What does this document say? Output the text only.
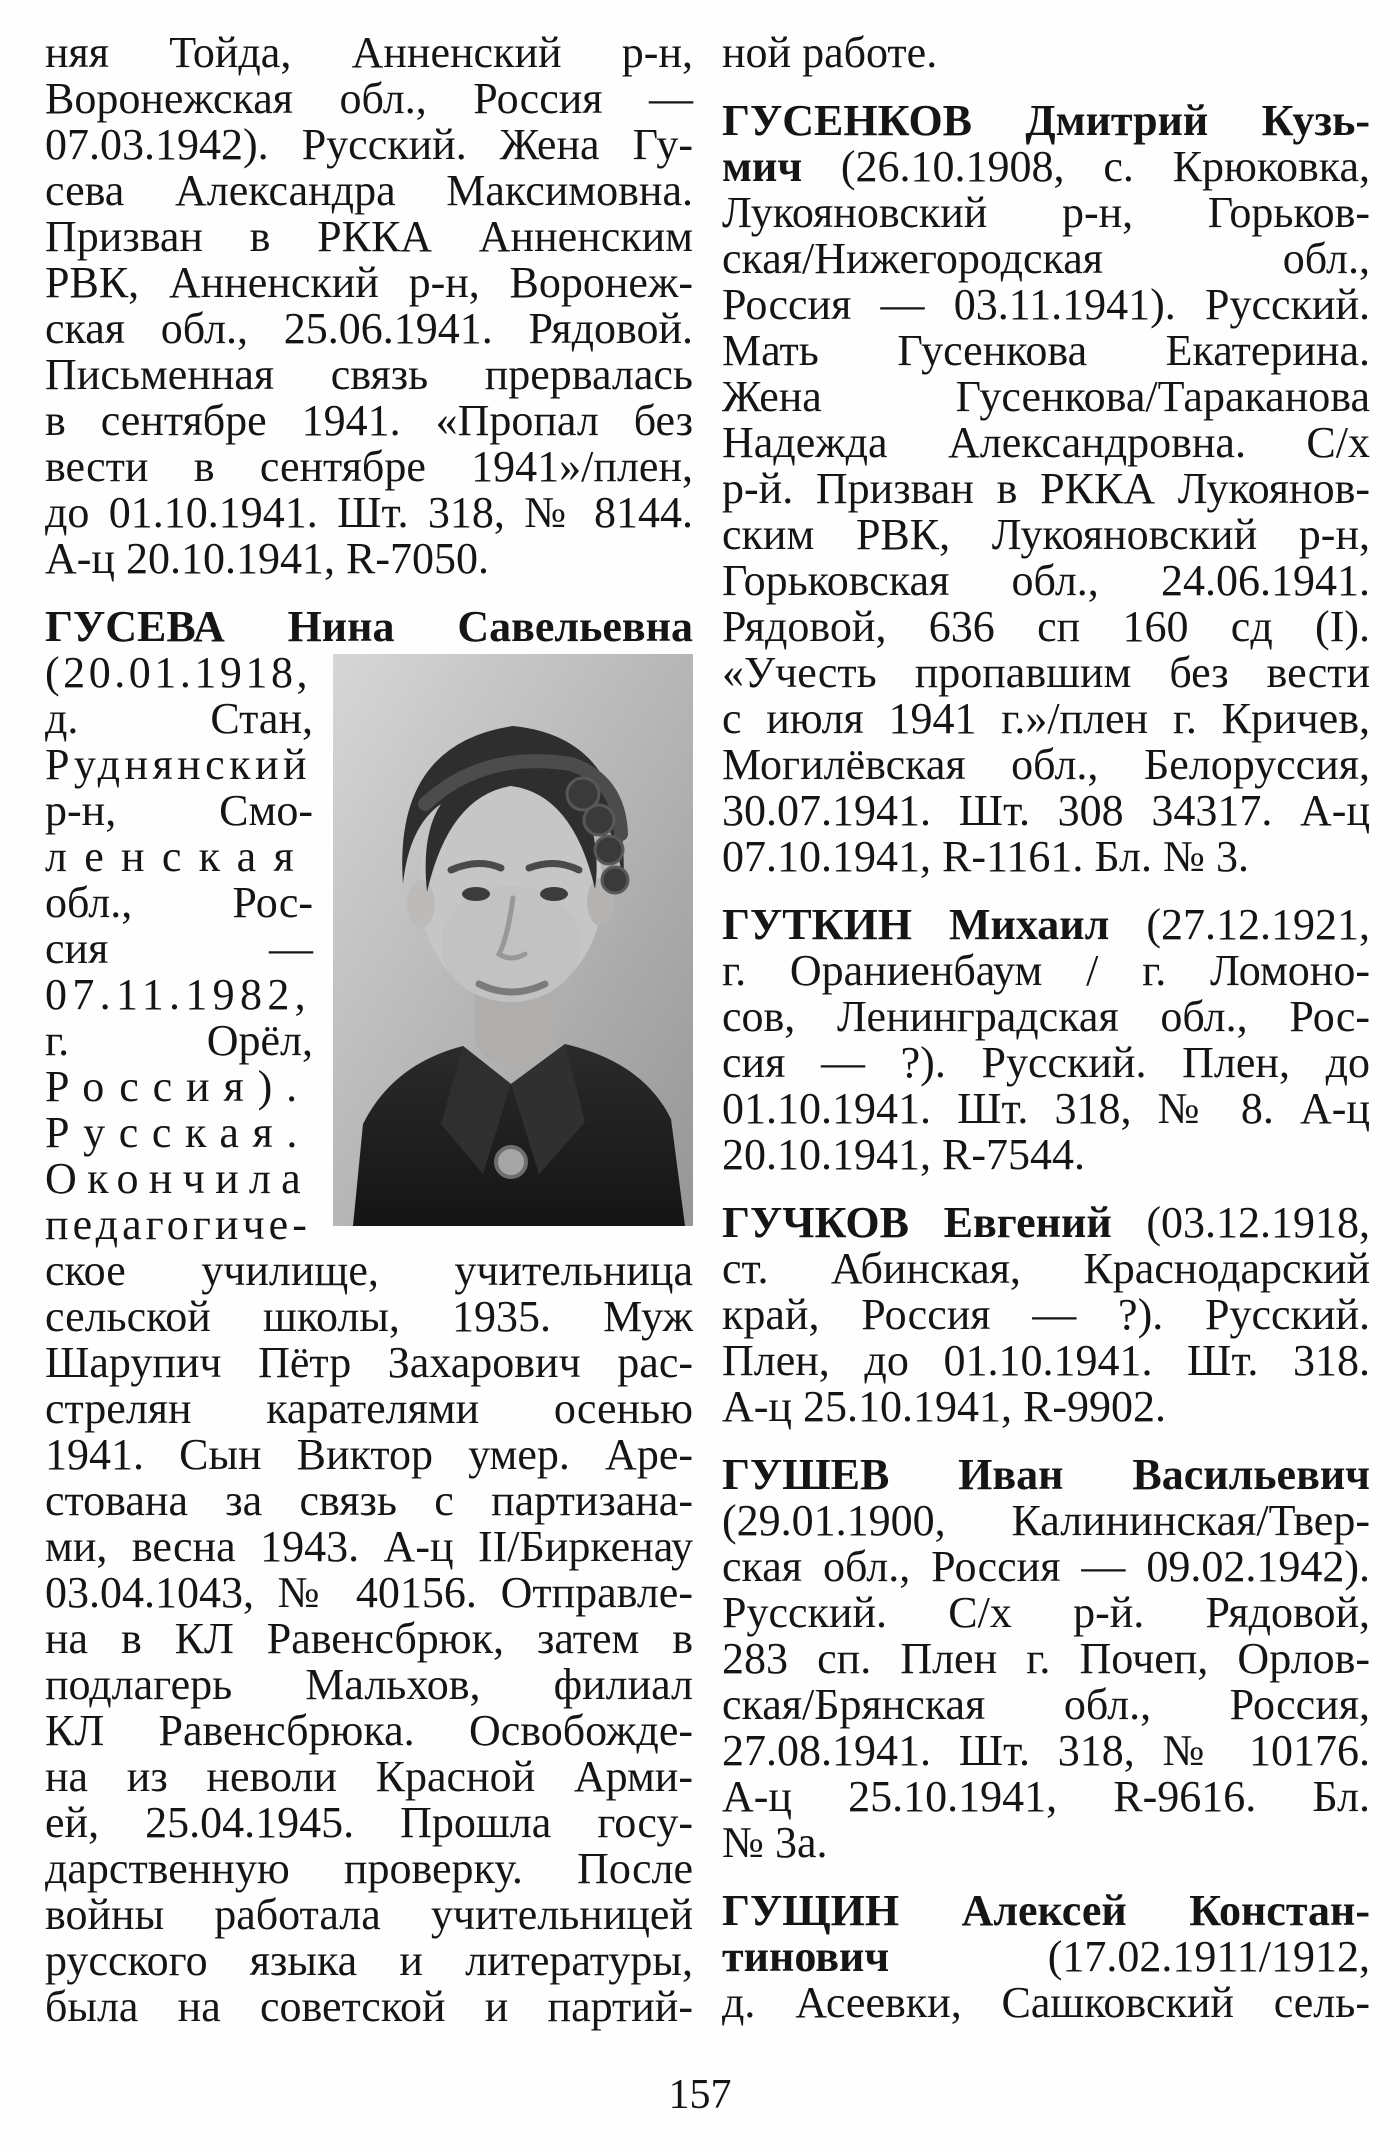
няя Тойда, Анненский р-н,
Воронежская обл., Россия —
07.03.1942). Русский. Жена Гу-
сева Александра Максимовна.
Призван в РККА Анненским
РВК, Анненский р-н, Воронеж-
ская обл., 25.06.1941. Рядовой.
Письменная связь прервалась
в сентябре 1941. «Пропал без
вести в сентябре 1941»/плен,
до 01.10.1941. Шт. 318, № 8144.
А-ц 20.10.1941, R-7050.
ГУСЕВА Нина Савельевна
(20.01.1918,
д. Стан,
Руднянский
р-н, Смо-
ленская
обл., Рос-
сия —
07.11.1982,
г. Орёл,
Россия).
Русская.
Окончила
педагогиче-
ское училище, учительница
сельской школы, 1935. Муж
Шарупич Пётр Захарович рас-
стрелян карателями осенью
1941. Сын Виктор умер. Аре-
стована за связь с партизана-
ми, весна 1943. А-ц II/Биркенау
03.04.1043, № 40156. Отправле-
на в КЛ Равенсбрюк, затем в
подлагерь Мальхов, филиал
КЛ Равенсбрюка. Освобожде-
на из неволи Красной Арми-
ей, 25.04.1945. Прошла госу-
дарственную проверку. После
войны работала учительницей
русского языка и литературы,
была на советской и партий-
ной работе.
ГУСЕНКОВ Дмитрий Кузь-
мич (26.10.1908, с. Крюковка,
Лукояновский р-н, Горьков-
ская/Нижегородская обл.,
Россия — 03.11.1941). Русский.
Мать Гусенкова Екатерина.
Жена Гусенкова/Тараканова
Надежда Александровна. С/х
р-й. Призван в РККА Лукоянов-
ским РВК, Лукояновский р-н,
Горьковская обл., 24.06.1941.
Рядовой, 636 сп 160 сд (I).
«Учесть пропавшим без вести
с июля 1941 г.»/плен г. Кричев,
Могилёвская обл., Белоруссия,
30.07.1941. Шт. 308 34317. А-ц
07.10.1941, R-1161. Бл. № 3.
ГУТКИН Михаил (27.12.1921,
г. Ораниенбаум / г. Ломоно-
сов, Ленинградская обл., Рос-
сия — ?). Русский. Плен, до
01.10.1941. Шт. 318, № 8. А-ц
20.10.1941, R-7544.
ГУЧКОВ Евгений (03.12.1918,
ст. Абинская, Краснодарский
край, Россия — ?). Русский.
Плен, до 01.10.1941. Шт. 318.
А-ц 25.10.1941, R-9902.
ГУШЕВ Иван Васильевич
(29.01.1900, Калининская/Твер-
ская обл., Россия — 09.02.1942).
Русский. С/х р-й. Рядовой,
283 сп. Плен г. Почеп, Орлов-
ская/Брянская обл., Россия,
27.08.1941. Шт. 318, № 10176.
А-ц 25.10.1941, R-9616. Бл.
№ 3а.
ГУЩИН Алексей Констан-
тинович (17.02.1911/1912,
д. Асеевки, Сашковский сель-
157
